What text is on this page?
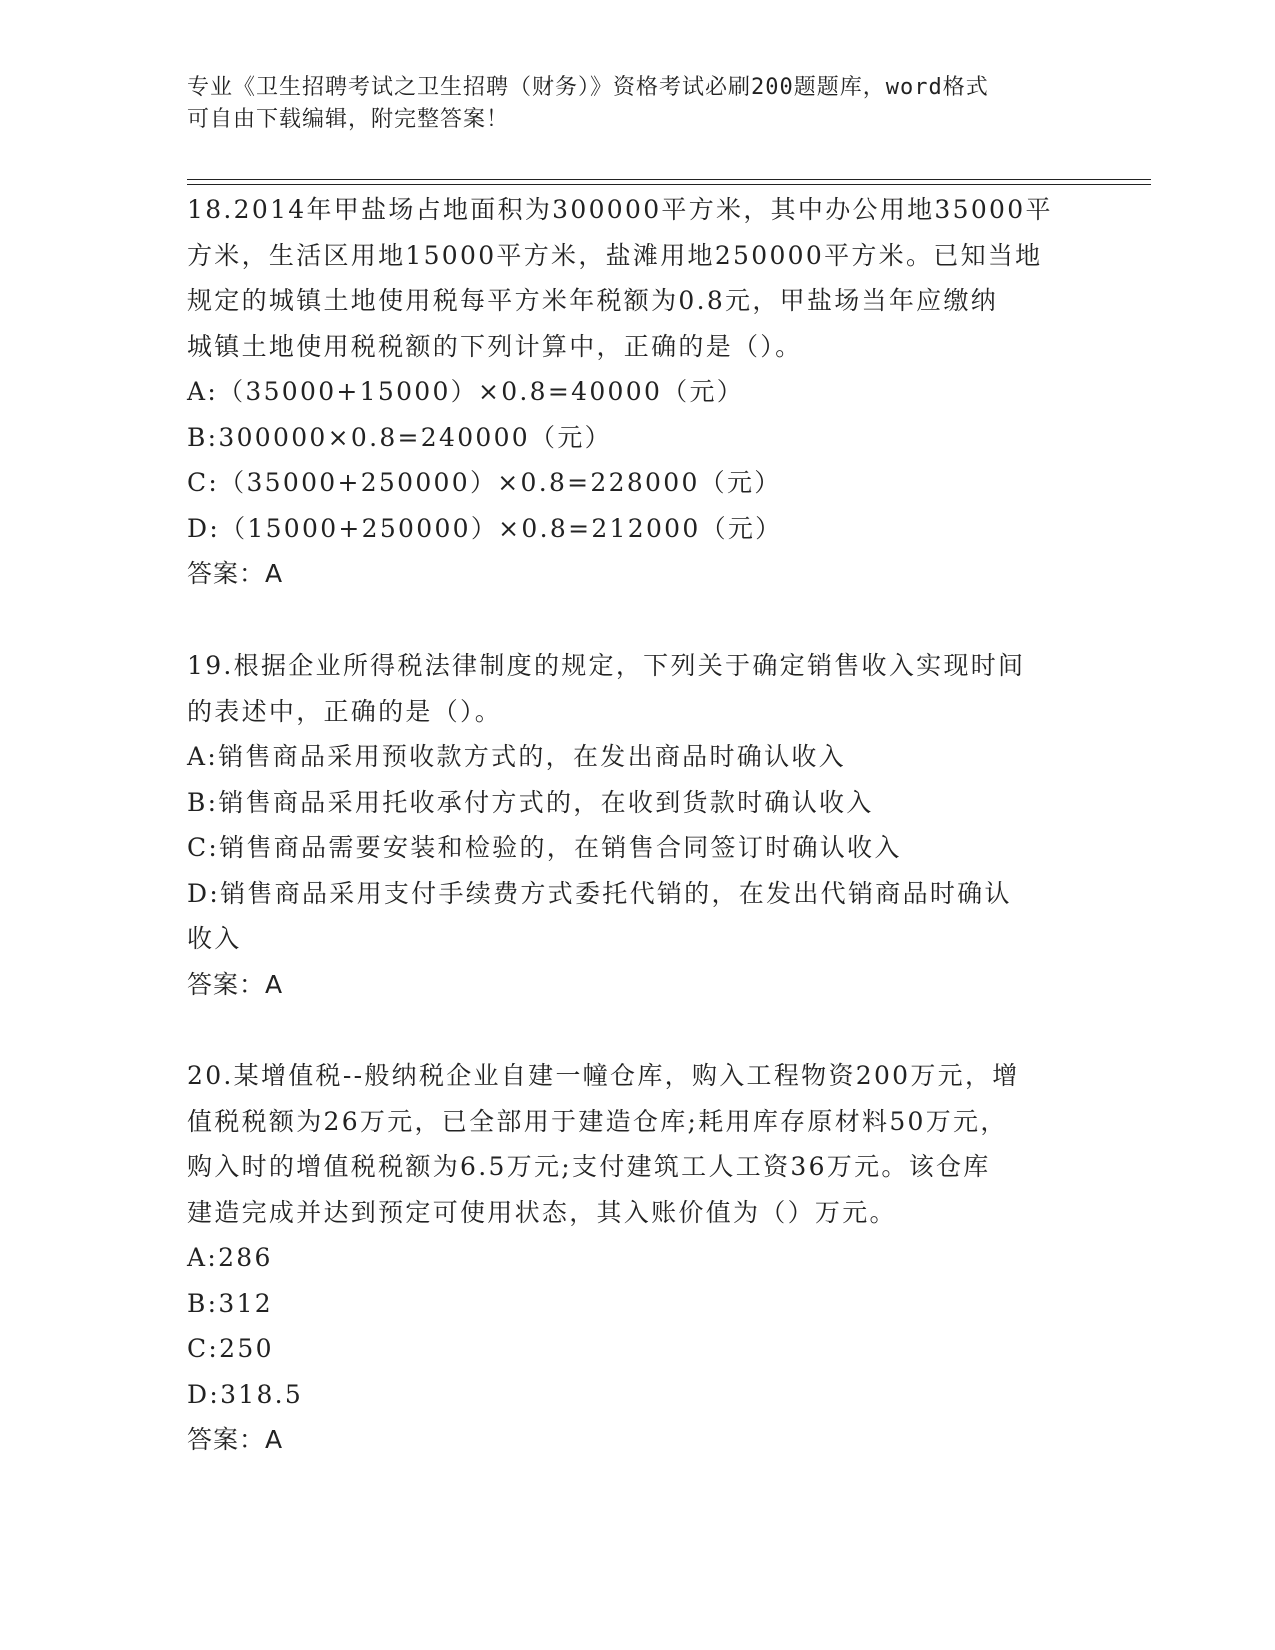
专业《卫生招聘考试之卫生招聘（财务）》资格考试必刷200题题库，word格式
可自由下载编辑，附完整答案！
18.2014年甲盐场占地面积为300000平方米，其中办公用地35000平
方米，生活区用地15000平方米，盐滩用地250000平方米。已知当地
规定的城镇土地使用税每平方米年税额为0.8元，甲盐场当年应缴纳
城镇土地使用税税额的下列计算中，正确的是（）。
A:（35000+15000）×0.8=40000（元）
B:300000×0.8=240000（元）
C:（35000+250000）×0.8=228000（元）
D:（15000+250000）×0.8=212000（元）
答案：A
19.根据企业所得税法律制度的规定，下列关于确定销售收入实现时间
的表述中，正确的是（）。
A:销售商品采用预收款方式的，在发出商品时确认收入
B:销售商品采用托收承付方式的，在收到货款时确认收入
C:销售商品需要安装和检验的，在销售合同签订时确认收入
D:销售商品采用支付手续费方式委托代销的，在发出代销商品时确认
收入
答案：A
20.某增值税--般纳税企业自建一幢仓库，购入工程物资200万元，增
值税税额为26万元，已全部用于建造仓库;耗用库存原材料50万元，
购入时的增值税税额为6.5万元;支付建筑工人工资36万元。该仓库
建造完成并达到预定可使用状态，其入账价值为（）万元。
A:286
B:312
C:250
D:318.5
答案：A
